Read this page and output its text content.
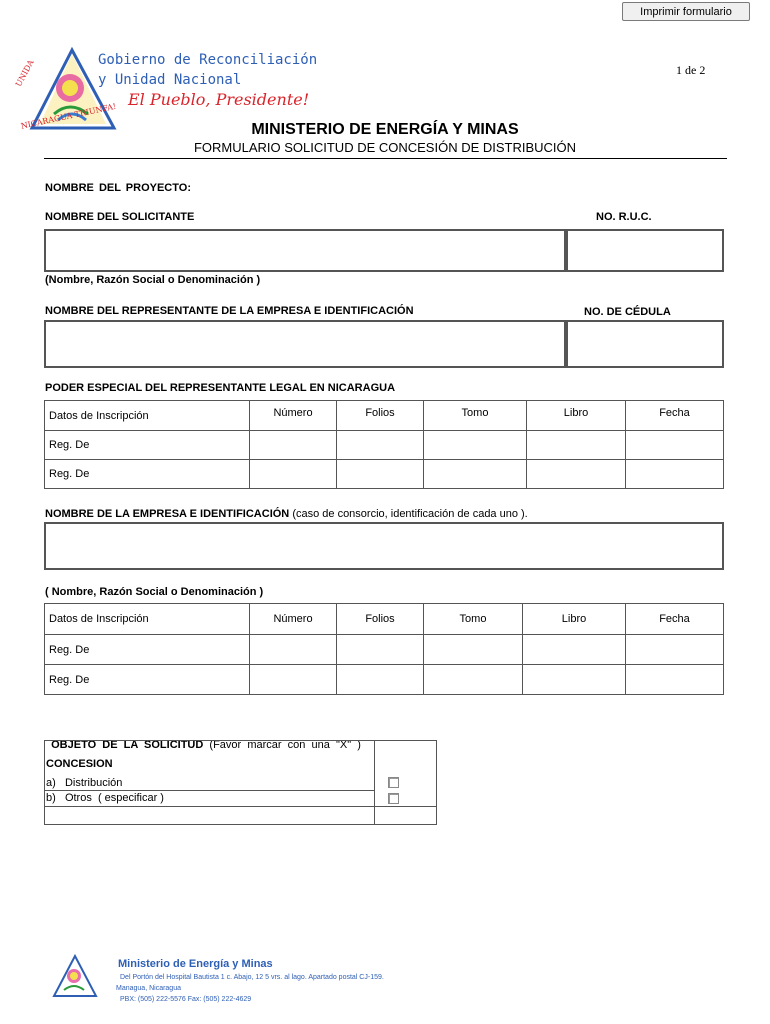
Imprimir formulario
UNIDA
NICARAGUA TRIUNFA!
Gobierno de Reconciliación
y Unidad Nacional
El Pueblo, Presidente!
1 de 2
MINISTERIO DE ENERGÍA Y MINAS
FORMULARIO SOLICITUD DE CONCESIÓN DE DISTRIBUCIÓN
NOMBRE DEL PROYECTO:
NOMBRE DEL SOLICITANTE	NO. R.U.C.
(Nombre, Razón Social o Denominación )
NOMBRE DEL REPRESENTANTE DE LA EMPRESA E IDENTIFICACIÓN	NO. DE CÉDULA
PODER ESPECIAL DEL REPRESENTANTE LEGAL EN NICARAGUA
Datos de Inscripción	Número	Folios	Tomo	Libro	Fecha
Reg. De					
Reg. De					
NOMBRE DE LA EMPRESA E IDENTIFICACIÓN (caso de consorcio, identificación de cada uno ).
( Nombre, Razón Social o Denominación )
Datos de Inscripción	Número	Folios	Tomo	Libro	Fecha
Reg. De					
Reg. De					

OBJETO  DE  LA  SOLICITUD  (Favor  marcar  con  una  "X"  )

CONCESION
a)   Distribución
b)   Otros  ( especificar )
Ministerio de Energía y Minas
Del Portón del Hospital Bautista 1 c. Abajo, 12 5 vrs. al lago. Apartado postal CJ-159.
Managua, Nicaragua
PBX: (505) 222-5576 Fax: (505) 222-4629
